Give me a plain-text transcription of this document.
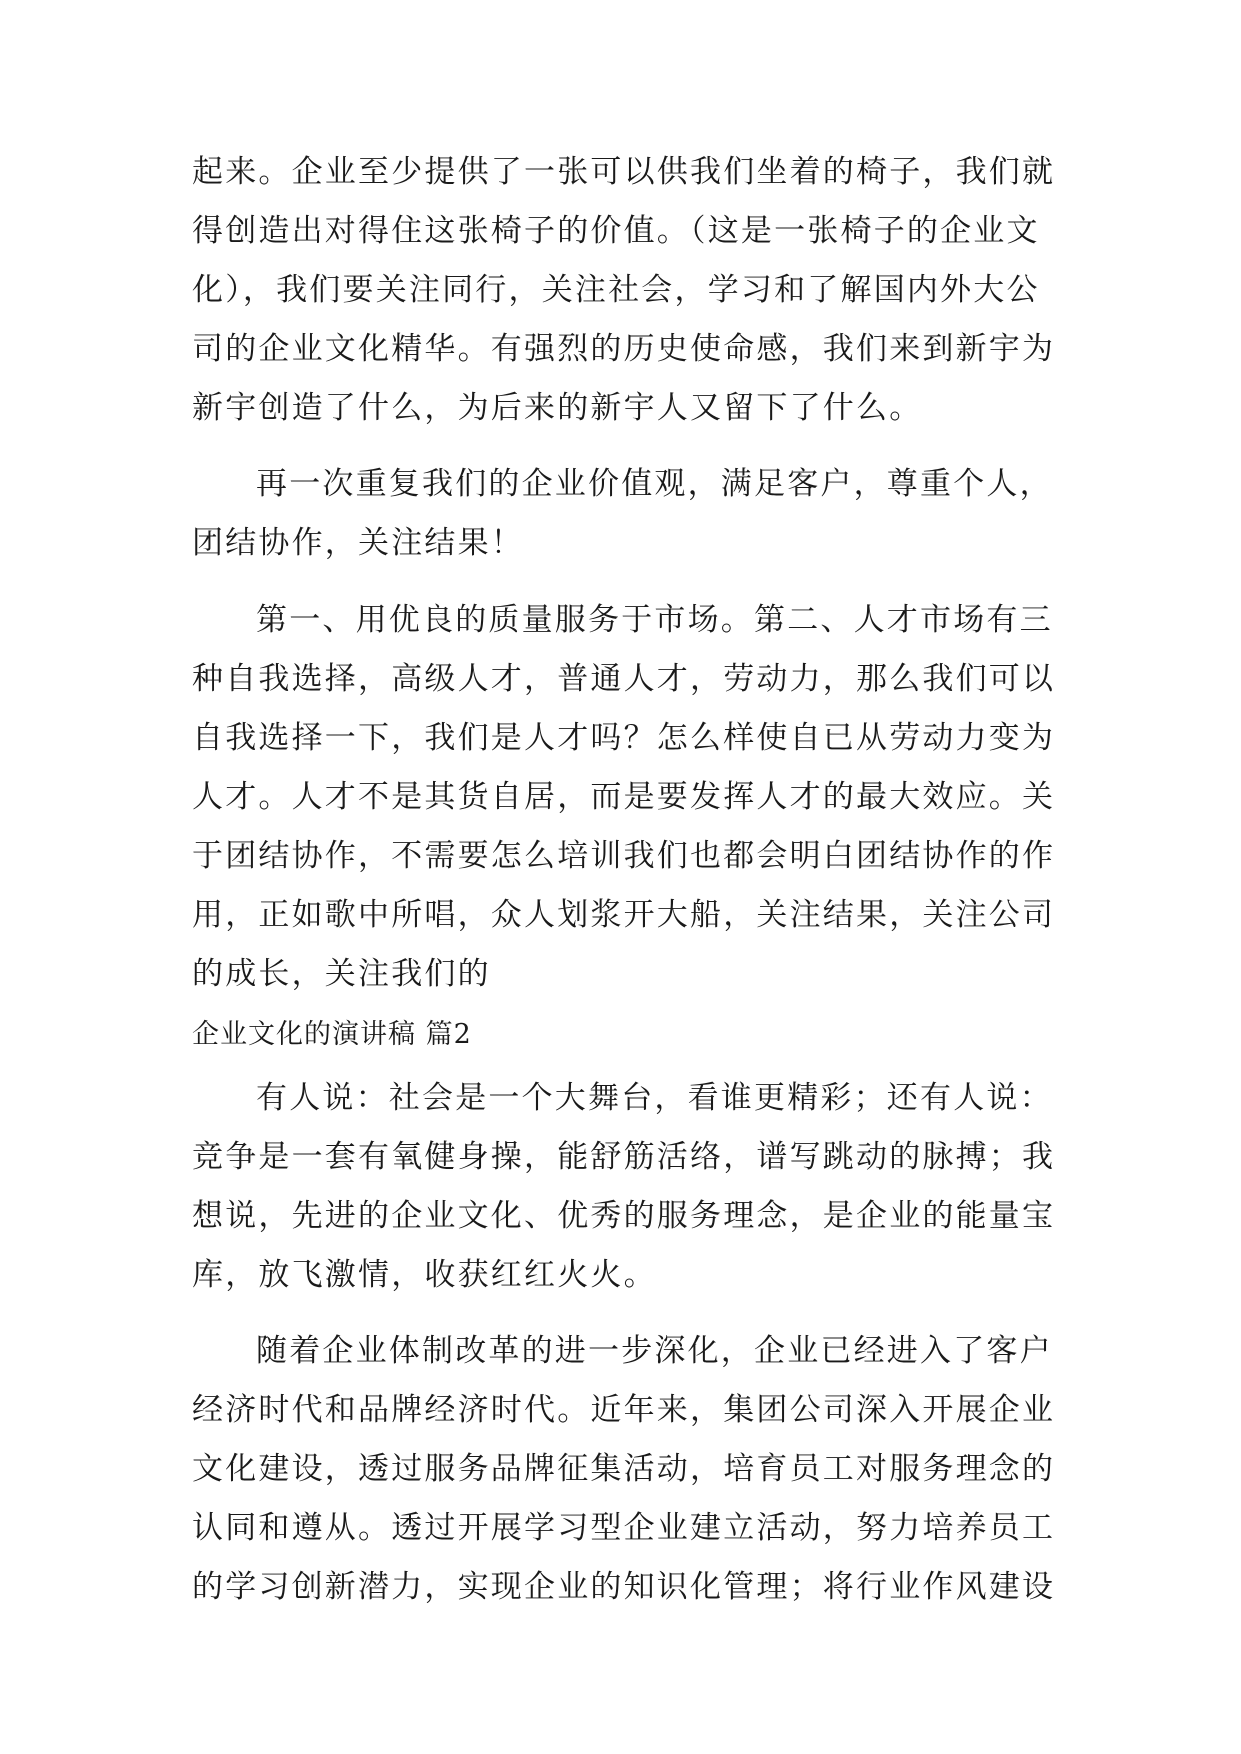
起来。企业至少提供了一张可以供我们坐着的椅子，我们就
得创造出对得住这张椅子的价值。（这是一张椅子的企业文
化），我们要关注同行，关注社会，学习和了解国内外大公
司的企业文化精华。有强烈的历史使命感，我们来到新宇为
新宇创造了什么，为后来的新宇人又留下了什么。
再一次重复我们的企业价值观，满足客户，尊重个人，
团结协作，关注结果！
第一、用优良的质量服务于市场。第二、人才市场有三
种自我选择，高级人才，普通人才，劳动力，那么我们可以
自我选择一下，我们是人才吗？怎么样使自已从劳动力变为
人才。人才不是其货自居，而是要发挥人才的最大效应。关
于团结协作，不需要怎么培训我们也都会明白团结协作的作
用，正如歌中所唱，众人划浆开大船，关注结果，关注公司
的成长，关注我们的
企业文化的演讲稿 篇2
有人说：社会是一个大舞台，看谁更精彩；还有人说：
竞争是一套有氧健身操，能舒筋活络，谱写跳动的脉搏；我
想说，先进的企业文化、优秀的服务理念，是企业的能量宝
库，放飞激情，收获红红火火。
随着企业体制改革的进一步深化，企业已经进入了客户
经济时代和品牌经济时代。近年来，集团公司深入开展企业
文化建设，透过服务品牌征集活动，培育员工对服务理念的
认同和遵从。透过开展学习型企业建立活动，努力培养员工
的学习创新潜力，实现企业的知识化管理；将行业作风建设
